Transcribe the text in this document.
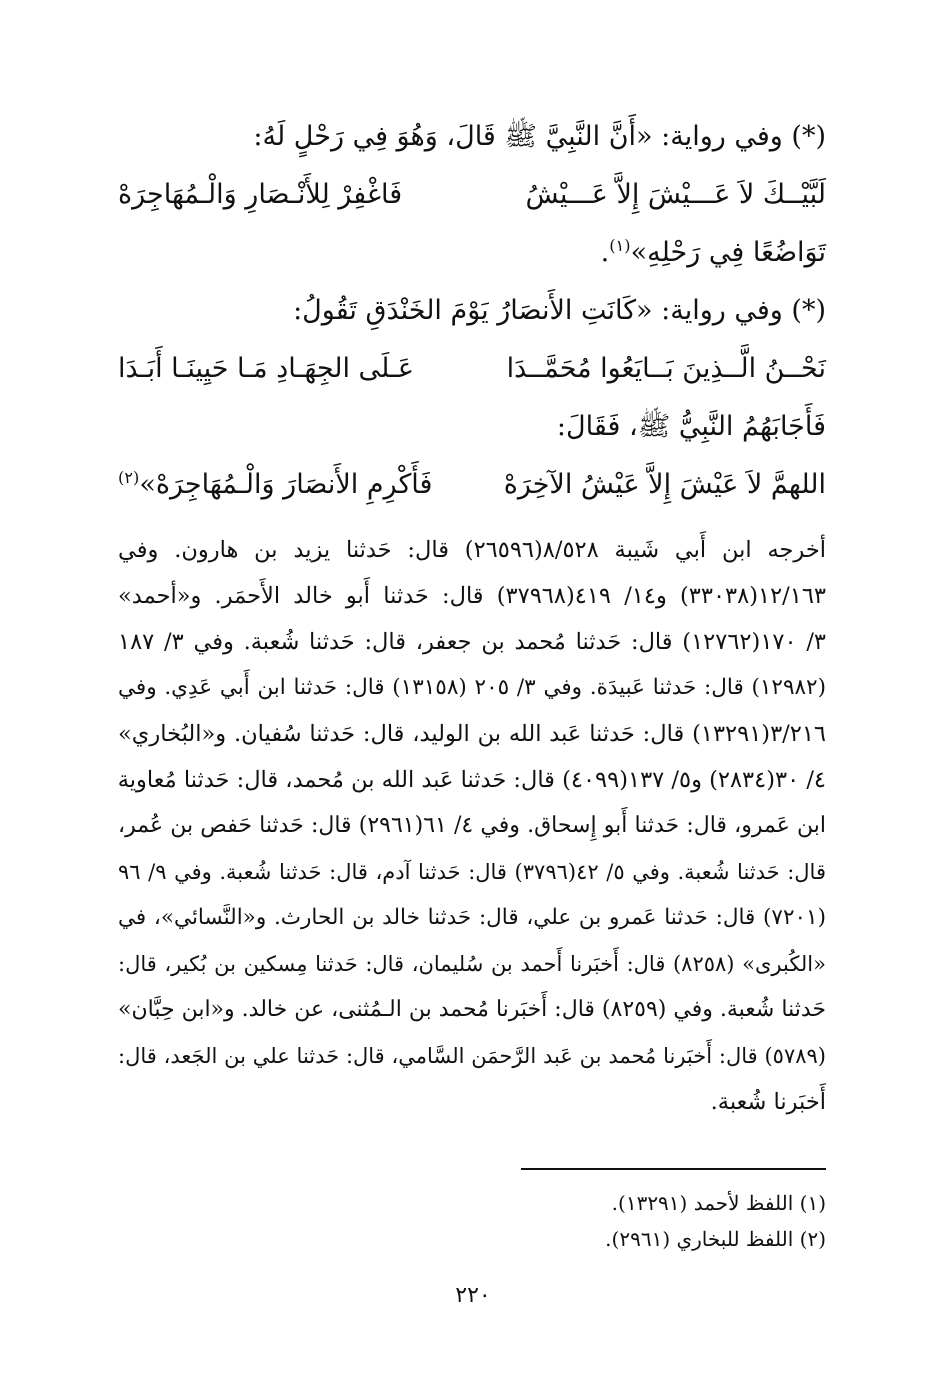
(*) وفي رواية: «أَنَّ النَّبِيَّ ﷺ قَالَ، وَهُوَ فِي رَحْلٍ لَهُ:
لَبَّيْــكَ لاَ عَـــيْشَ إِلاَّ عَـــيْشُ
فَاغْفِرْ لِلأَنْـصَارِ وَالْـمُهَاجِرَهْ
تَوَاضُعًا فِي رَحْلِهِ»$^{(١)}$.
(*) وفي رواية: «كَانَتِ الأَنصَارُ يَوْمَ الخَنْدَقِ تَقُولُ:
نَحْــنُ الَّــذِينَ بَــايَعُوا مُحَمَّــدَا
عَـلَى الجِهَـادِ مَـا حَيِينَـا أَبَـدَا
فَأَجَابَهُمُ النَّبِيُّ ﷺ، فَقَالَ:
اللهمَّ لاَ عَيْشَ إِلاَّ عَيْشُ الآخِرَهْ
فَأَكْرِمِ الأَنصَارَ وَالْـمُهَاجِرَهْ»$^{(٢)}$
أخرجه ابن أَبي شَيبة ٨/٥٢٨(٢٦٥٩٦) قال: حَدثنا يزيد بن هارون. وفي
١٢/١٦٣(٣٣٠٣٨) و١٤/ ٤١٩(٣٧٩٦٨) قال: حَدثنا أَبو خالد الأَحمَر. و«أحمد»
٣/ ١٧٠(١٢٧٦٢) قال: حَدثنا مُحمد بن جعفر، قال: حَدثنا شُعبة. وفي ٣/ ١٨٧
(١٢٩٨٢) قال: حَدثنا عَبيدَة. وفي ٣/ ٢٠٥ (١٣١٥٨) قال: حَدثنا ابن أَبي عَدِي. وفي
٣/٢١٦(١٣٢٩١) قال: حَدثنا عَبد الله بن الوليد، قال: حَدثنا سُفيان. و«البُخاري»
٤/ ٣٠(٢٨٣٤) و٥/ ١٣٧(٤٠٩٩) قال: حَدثنا عَبد الله بن مُحمد، قال: حَدثنا مُعاوية
ابن عَمرو، قال: حَدثنا أَبو إِسحاق. وفي ٤/ ٦١(٢٩٦١) قال: حَدثنا حَفص بن عُمر،
قال: حَدثنا شُعبة. وفي ٥/ ٤٢(٣٧٩٦) قال: حَدثنا آدم، قال: حَدثنا شُعبة. وفي ٩/ ٩٦
(٧٢٠١) قال: حَدثنا عَمرو بن علي، قال: حَدثنا خالد بن الحارث. و«النَّسائي»، في
«الكُبرى» (٨٢٥٨) قال: أَخبَرنا أَحمد بن سُليمان، قال: حَدثنا مِسكين بن بُكير، قال:
حَدثنا شُعبة. وفي (٨٢٥٩) قال: أَخبَرنا مُحمد بن الـمُثنى، عن خالد. و«ابن حِبَّان»
(٥٧٨٩) قال: أَخبَرنا مُحمد بن عَبد الرَّحمَن السَّامي، قال: حَدثنا علي بن الجَعد، قال:
أَخبَرنا شُعبة.
(١) اللفظ لأحمد (١٣٢٩١).
(٢) اللفظ للبخاري (٢٩٦١).
٢٢٠
